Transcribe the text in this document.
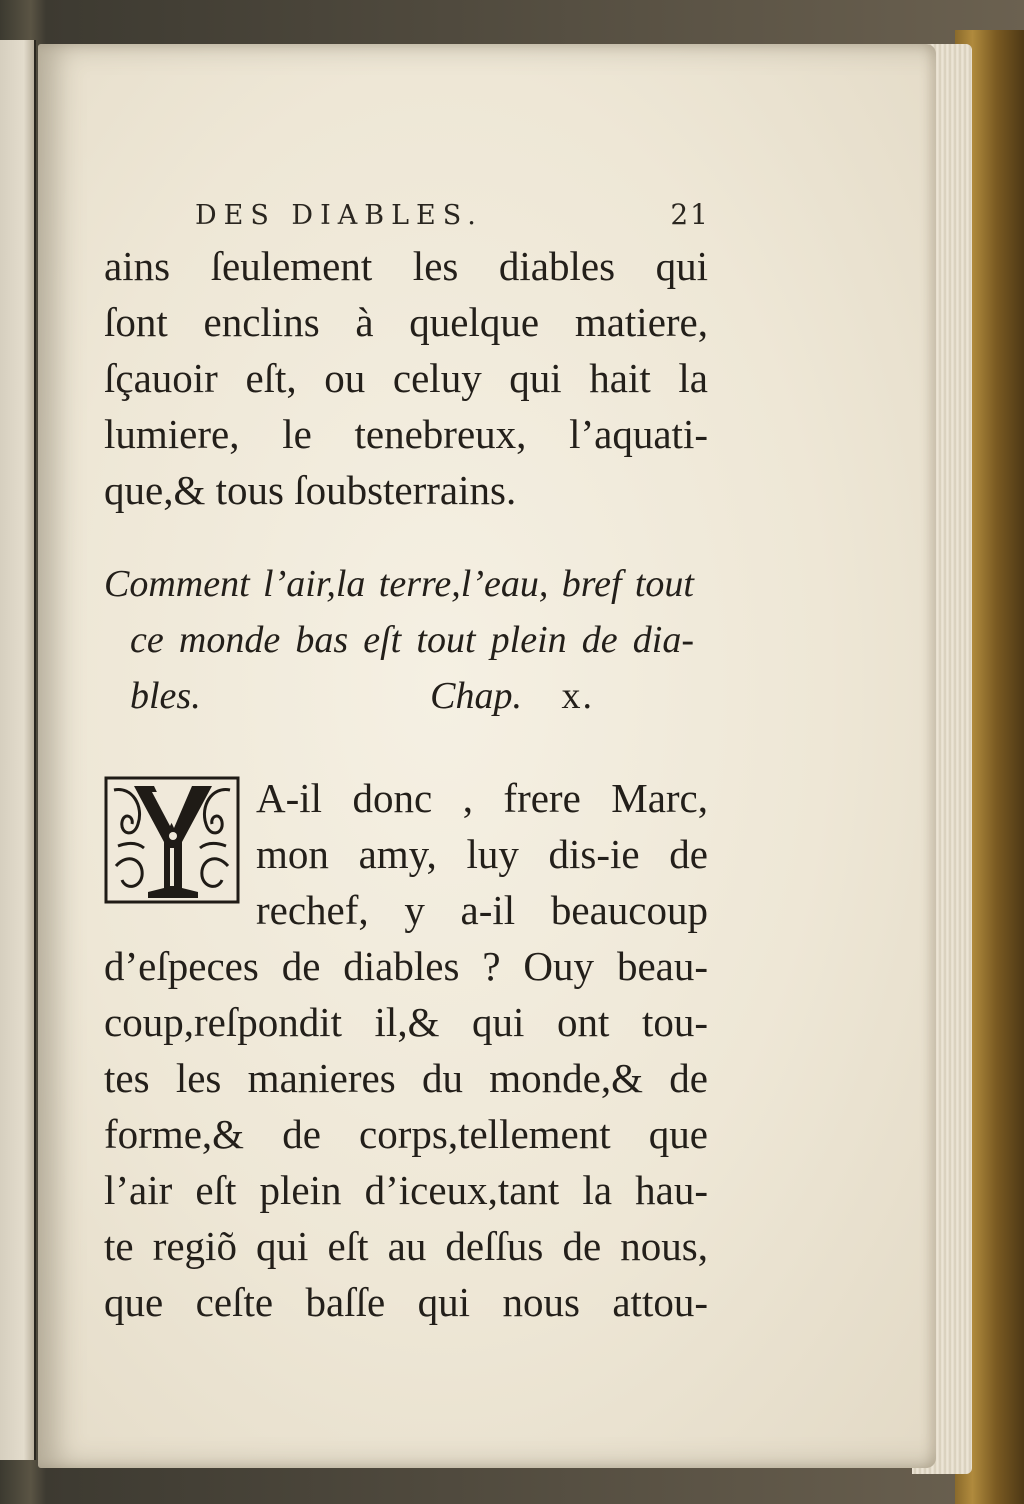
DES DIABLES.	21
ains ſeulement les diables qui
ſont enclins à quelque matiere,
ſçauoir eſt, ou celuy qui hait la
lumiere, le tenebreux, l’aquati-
que,& tous ſoubsterrains.
Comment l’air,la terre,l’eau, bref tout
ce monde bas eſt tout plein de dia-
bles.	Chap. x.
A-il donc , frere Marc,
mon amy, luy dis-ie de
rechef, y a-il beaucoup
d’eſpeces de diables ? Ouy beau-
coup,reſpondit il,& qui ont tou-
tes les manieres du monde,& de
forme,& de corps,tellement que
l’air eſt plein d’iceux,tant la hau-
te regiõ qui eſt au deſſus de nous,
que ceſte baſſe qui nous attou-
